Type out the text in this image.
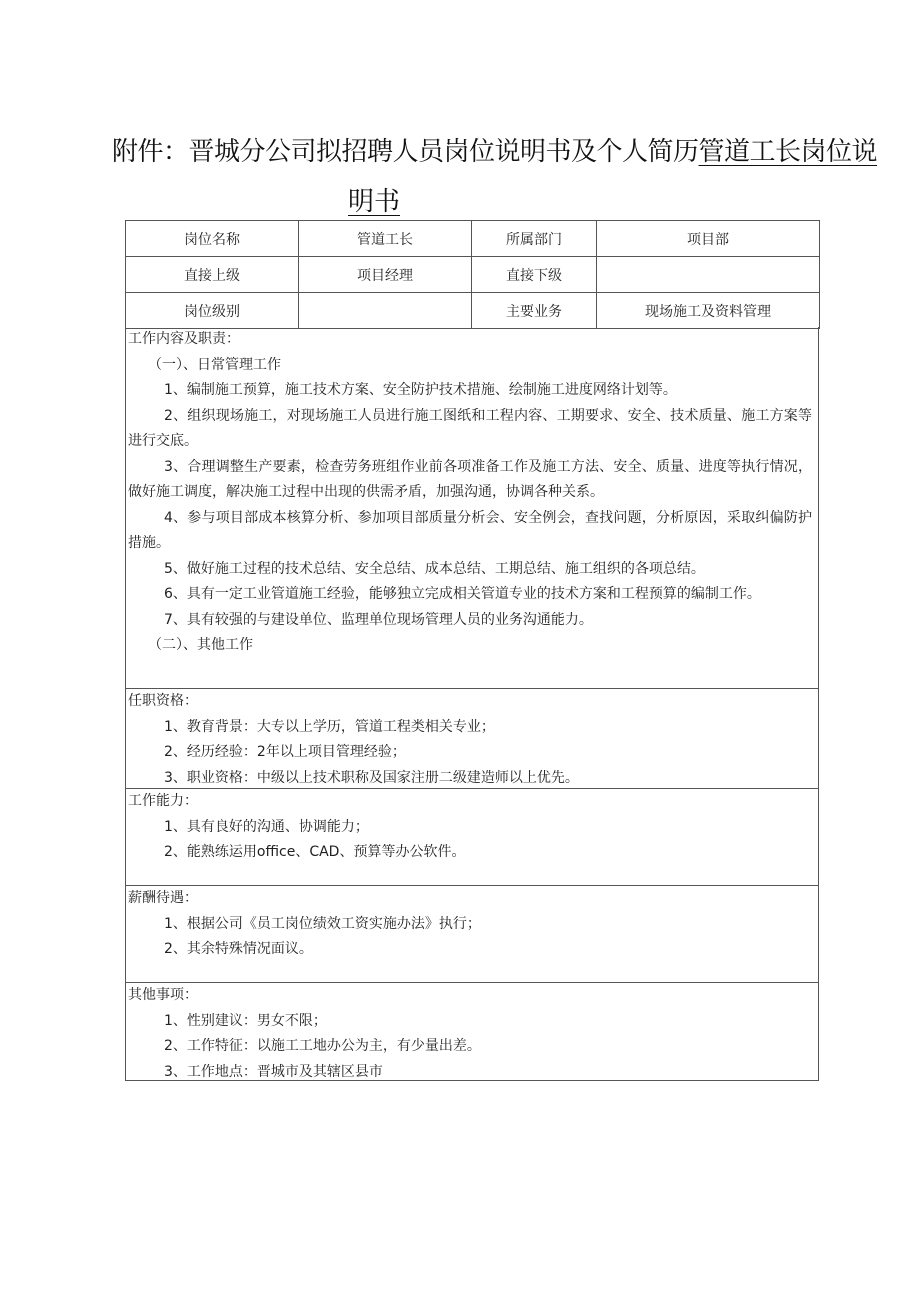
附件：晋城分公司拟招聘人员岗位说明书及个人简历管道工长岗位说
明书
岗位名称	管道工长	所属部门	项目部
直接上级	项目经理	直接下级	
岗位级别		主要业务	现场施工及资料管理
工作内容及职责：
（一）、日常管理工作
1、编制施工预算，施工技术方案、安全防护技术措施、绘制施工进度网络计划等。
2、组织现场施工，对现场施工人员进行施工图纸和工程内容、工期要求、安全、技术质量、施工方案等进行交底。
3、合理调整生产要素，检查劳务班组作业前各项准备工作及施工方法、安全、质量、进度等执行情况，做好施工调度，解决施工过程中出现的供需矛盾，加强沟通，协调各种关系。
4、参与项目部成本核算分析、参加项目部质量分析会、安全例会，查找问题，分析原因，采取纠偏防护措施。
5、做好施工过程的技术总结、安全总结、成本总结、工期总结、施工组织的各项总结。
6、具有一定工业管道施工经验，能够独立完成相关管道专业的技术方案和工程预算的编制工作。
7、具有较强的与建设单位、监理单位现场管理人员的业务沟通能力。
（二）、其他工作
任职资格：
1、教育背景：大专以上学历，管道工程类相关专业；
2、经历经验：2年以上项目管理经验；
3、职业资格：中级以上技术职称及国家注册二级建造师以上优先。
工作能力：
1、具有良好的沟通、协调能力；
2、能熟练运用office、CAD、预算等办公软件。
薪酬待遇：
1、根据公司《员工岗位绩效工资实施办法》执行；
2、其余特殊情况面议。
其他事项：
1、性别建议：男女不限；
2、工作特征：以施工工地办公为主，有少量出差。
3、工作地点：晋城市及其辖区县市
